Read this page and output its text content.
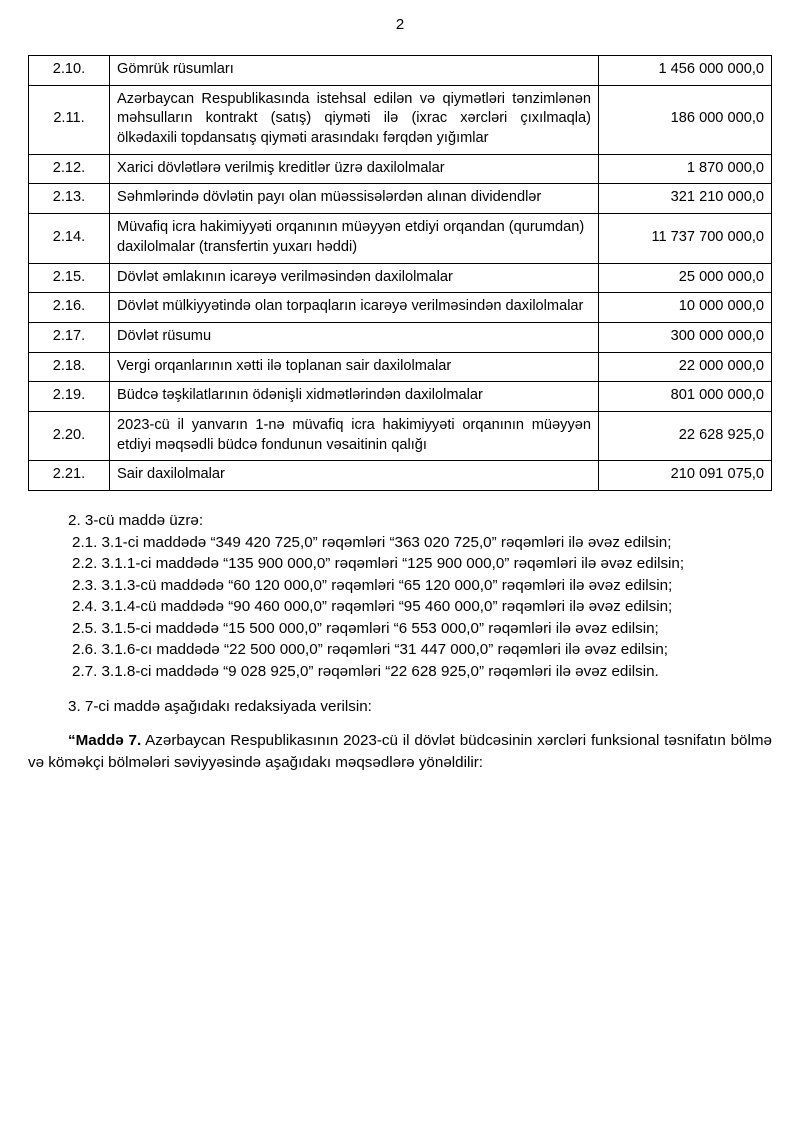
2
2.10.	Gömrük rüsumları	1 456 000 000,0
2.11.	Azərbaycan Respublikasında istehsal edilən və qiymətləri tənzimlənən məhsulların kontrakt (satış) qiyməti ilə (ixrac xərcləri çıxılmaqla) ölkədaxili topdansatış qiyməti arasındakı fərqdən yığımlar	186 000 000,0
2.12.	Xarici dövlətlərə verilmiş kreditlər üzrə daxilolmalar	1 870 000,0
2.13.	Səhmlərində dövlətin payı olan müəssisələrdən alınan dividendlər	321 210 000,0
2.14.	Müvafiq icra hakimiyyəti orqanının müəyyən etdiyi orqandan (qurumdan) daxilolmalar (transfertin yuxarı həddi)	11 737 700 000,0
2.15.	Dövlət əmlakının icarəyə verilməsindən daxilolmalar	25 000 000,0
2.16.	Dövlət mülkiyyətində olan torpaqların icarəyə verilməsindən daxilolmalar	10 000 000,0
2.17.	Dövlət rüsumu	300 000 000,0
2.18.	Vergi orqanlarının xətti ilə toplanan sair daxilolmalar	22 000 000,0
2.19.	Büdcə təşkilatlarının ödənişli xidmətlərindən daxilolmalar	801 000 000,0
2.20.	2023-cü il yanvarın 1-nə müvafiq icra hakimiyyəti orqanının müəyyən etdiyi məqsədli büdcə fondunun vəsaitinin qalığı	22 628 925,0
2.21.	Sair daxilolmalar	210 091 075,0

2. 3-cü maddə üzrə:

2.1. 3.1-ci maddədə “349 420 725,0” rəqəmləri “363 020 725,0” rəqəmləri ilə əvəz edilsin;

2.2. 3.1.1-ci maddədə “135 900 000,0” rəqəmləri “125 900 000,0” rəqəmləri ilə əvəz edilsin;

2.3. 3.1.3-cü maddədə “60 120 000,0” rəqəmləri “65 120 000,0” rəqəmləri ilə əvəz edilsin;

2.4. 3.1.4-cü maddədə “90 460 000,0” rəqəmləri “95 460 000,0” rəqəmləri ilə əvəz edilsin;

2.5. 3.1.5-ci maddədə “15 500 000,0” rəqəmləri “6 553 000,0” rəqəmləri ilə əvəz edilsin;

2.6. 3.1.6-cı maddədə “22 500 000,0” rəqəmləri “31 447 000,0” rəqəmləri ilə əvəz edilsin;

2.7. 3.1.8-ci maddədə “9 028 925,0” rəqəmləri “22 628 925,0” rəqəmləri ilə əvəz edilsin.

3. 7-ci maddə aşağıdakı redaksiyada verilsin:

“Maddə 7. Azərbaycan Respublikasının 2023-cü il dövlət büdcəsinin xərcləri funksional təsnifatın bölmə və köməkçi bölmələri səviyyəsində aşağıdakı məqsədlərə yönəldilir:
